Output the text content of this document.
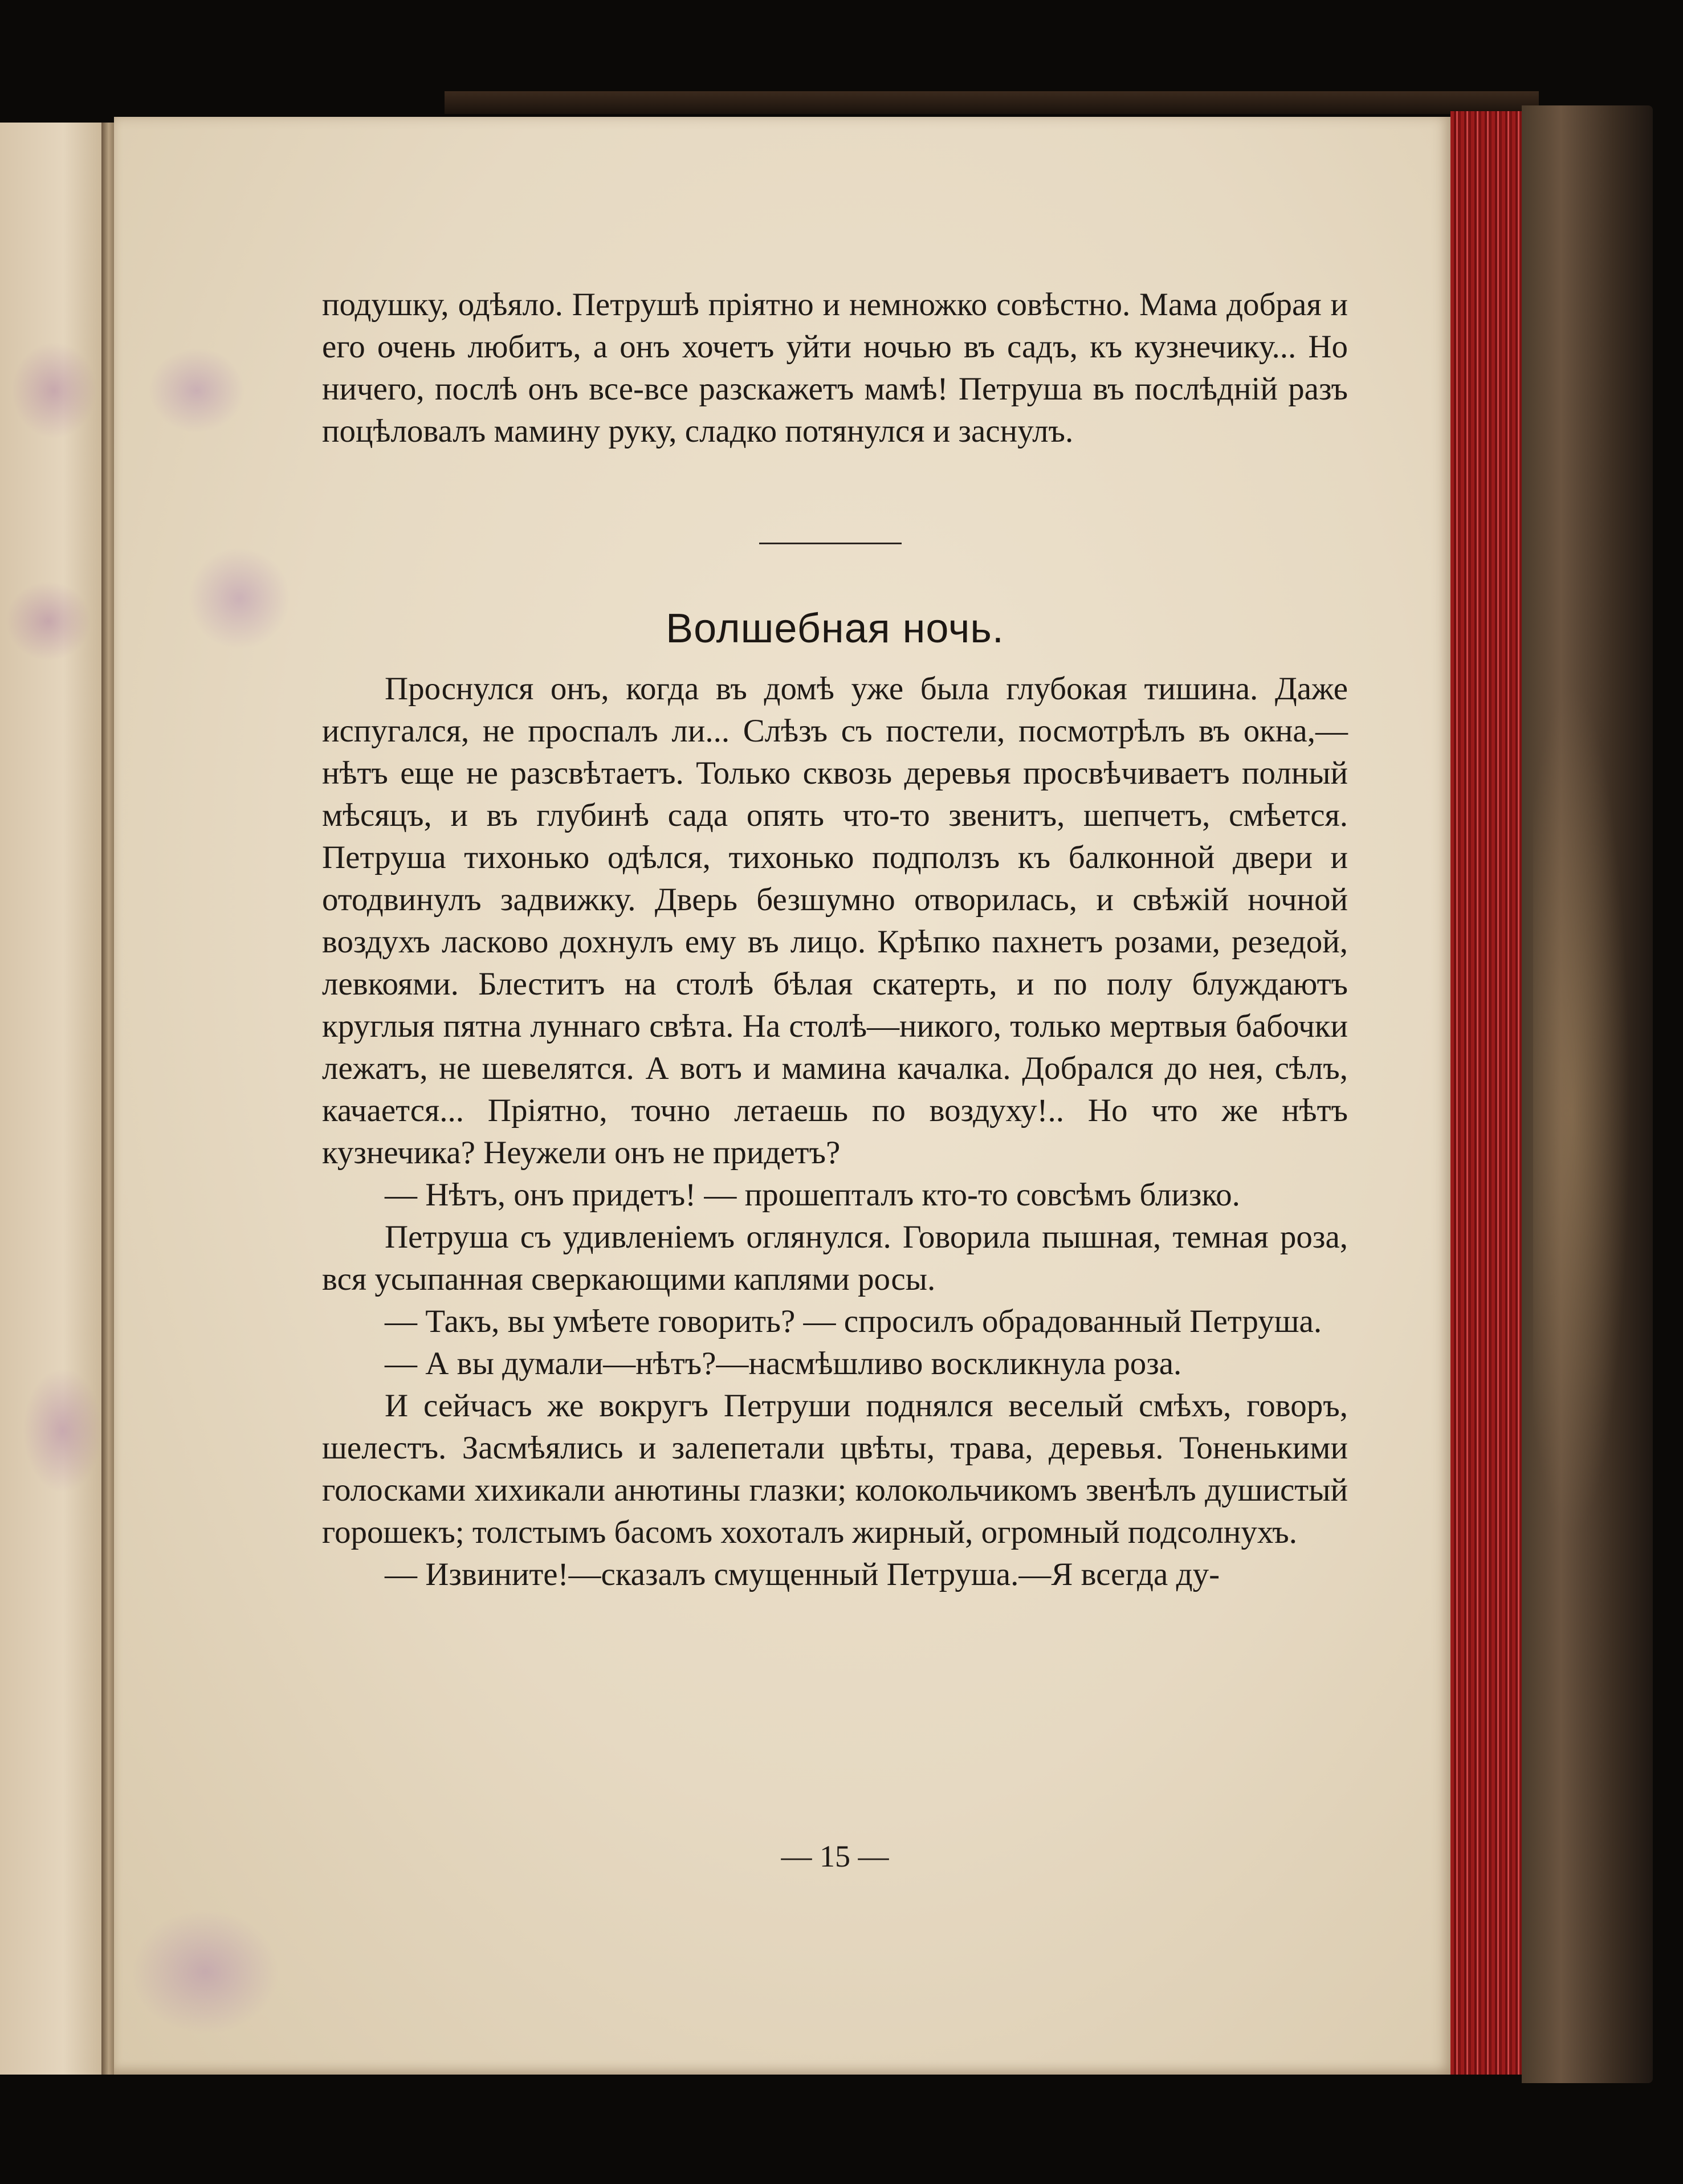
подушку, одѣяло. Петрушѣ пріятно и немножко совѣстно. Мама добрая и его очень любитъ, а онъ хочетъ уйти ночью въ садъ, къ кузнечику... Но ничего, послѣ онъ все-все разскажетъ мамѣ! Петруша въ послѣдній разъ поцѣловалъ мамину руку, сладко потянулся и заснулъ.

Волшебная ночь.

Проснулся онъ, когда въ домѣ уже была глубокая тишина. Даже испугался, не проспалъ ли... Слѣзъ съ постели, посмотрѣлъ въ окна,—нѣтъ еще не разсвѣтаетъ. Только сквозь деревья просвѣчиваетъ полный мѣсяцъ, и въ глубинѣ сада опять что-то звенитъ, шепчетъ, смѣется. Петруша тихонько одѣлся, тихонько подползъ къ балконной двери и отодвинулъ задвижку. Дверь безшумно отворилась, и свѣжій ночной воздухъ ласково дохнулъ ему въ лицо. Крѣпко пахнетъ розами, резедой, левкоями. Блеститъ на столѣ бѣлая скатерть, и по полу блуждаютъ круглыя пятна луннаго свѣта. На столѣ—никого, только мертвыя бабочки лежатъ, не шевелятся. А вотъ и мамина качалка. Добрался до нея, сѣлъ, качается... Пріятно, точно летаешь по воздуху!.. Но что же нѣтъ кузнечика? Неужели онъ не придетъ?

— Нѣтъ, онъ придетъ! — прошепталъ кто-то совсѣмъ близко.

Петруша съ удивленіемъ оглянулся. Говорила пышная, темная роза, вся усыпанная сверкающими каплями росы.

— Такъ, вы умѣете говорить? — спросилъ обрадованный Петруша.

— А вы думали—нѣтъ?—насмѣшливо воскликнула роза.

И сейчасъ же вокругъ Петруши поднялся веселый смѣхъ, говоръ, шелестъ. Засмѣялись и залепетали цвѣты, трава, деревья. Тоненькими голосками хихикали анютины глазки; колокольчикомъ звенѣлъ душистый горошекъ; толстымъ басомъ хохоталъ жирный, огромный подсолнухъ.

— Извините!—сказалъ смущенный Петруша.—Я всегда ду-

— 15 —
